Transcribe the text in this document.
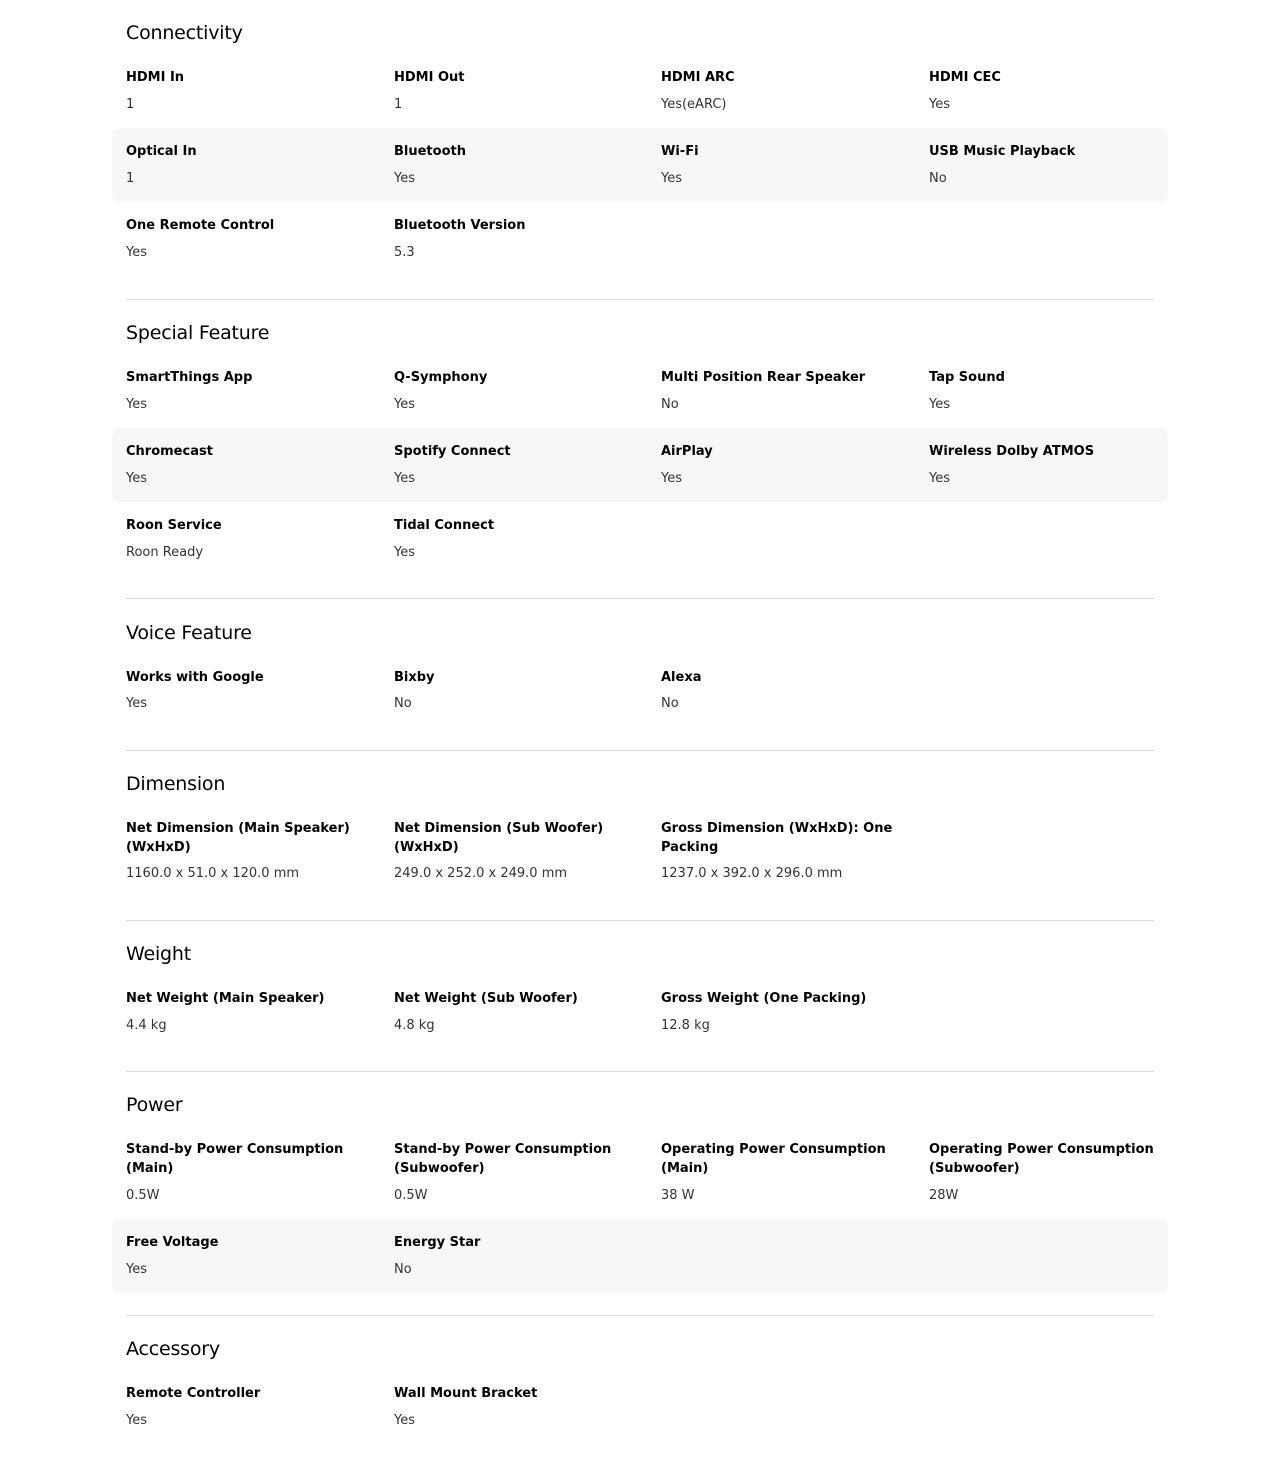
Connectivity
HDMI In
1
HDMI Out
1
HDMI ARC
Yes(eARC)
HDMI CEC
Yes
Optical In
1
Bluetooth
Yes
Wi-Fi
Yes
USB Music Playback
No
One Remote Control
Yes
Bluetooth Version
5.3
Special Feature
SmartThings App
Yes
Q-Symphony
Yes
Multi Position Rear Speaker
No
Tap Sound
Yes
Chromecast
Yes
Spotify Connect
Yes
AirPlay
Yes
Wireless Dolby ATMOS
Yes
Roon Service
Roon Ready
Tidal Connect
Yes
Voice Feature
Works with Google
Yes
Bixby
No
Alexa
No
Dimension
Net Dimension (Main Speaker) (WxHxD)
1160.0 x 51.0 x 120.0 mm
Net Dimension (Sub Woofer) (WxHxD)
249.0 x 252.0 x 249.0 mm
Gross Dimension (WxHxD): One Packing
1237.0 x 392.0 x 296.0 mm
Weight
Net Weight (Main Speaker)
4.4 kg
Net Weight (Sub Woofer)
4.8 kg
Gross Weight (One Packing)
12.8 kg
Power
Stand-by Power Consumption (Main)
0.5W
Stand-by Power Consumption (Subwoofer)
0.5W
Operating Power Consumption (Main)
38 W
Operating Power Consumption (Subwoofer)
28W
Free Voltage
Yes
Energy Star
No
Accessory
Remote Controller
Yes
Wall Mount Bracket
Yes
